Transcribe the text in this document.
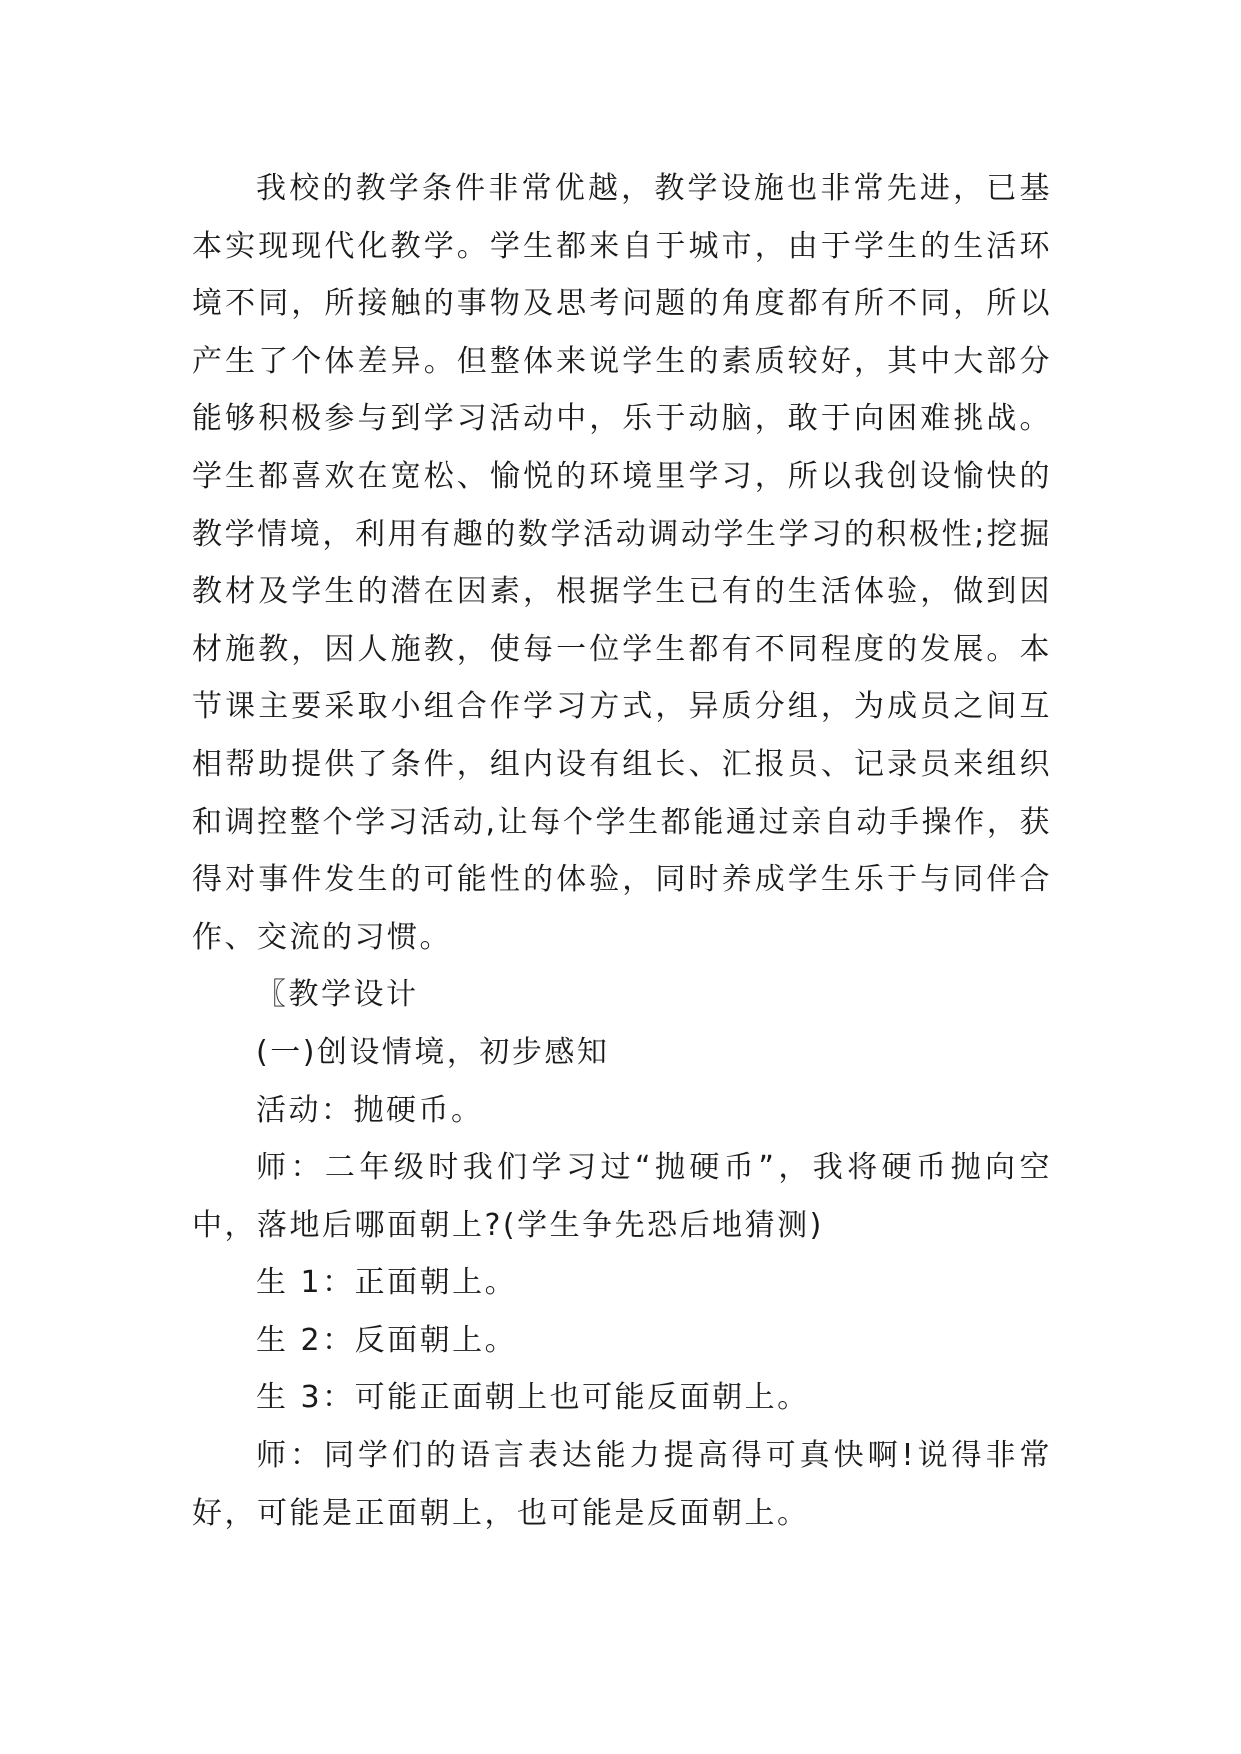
我校的教学条件非常优越，教学设施也非常先进，已基本实现现代化教学。学生都来自于城市，由于学生的生活环境不同，所接触的事物及思考问题的角度都有所不同，所以产生了个体差异。但整体来说学生的素质较好，其中大部分能够积极参与到学习活动中，乐于动脑，敢于向困难挑战。学生都喜欢在宽松、愉悦的环境里学习，所以我创设愉快的教学情境，利用有趣的数学活动调动学生学习的积极性;挖掘教材及学生的潜在因素，根据学生已有的生活体验，做到因材施教，因人施教，使每一位学生都有不同程度的发展。本节课主要采取小组合作学习方式，异质分组，为成员之间互相帮助提供了条件，组内设有组长、汇报员、记录员来组织和调控整个学习活动,让每个学生都能通过亲自动手操作，获得对事件发生的可能性的体验，同时养成学生乐于与同伴合作、交流的习惯。

〖教学设计

(一)创设情境，初步感知

活动：抛硬币。

师：二年级时我们学习过“抛硬币”，我将硬币抛向空中，落地后哪面朝上?(学生争先恐后地猜测)

生 1：正面朝上。

生 2：反面朝上。

生 3：可能正面朝上也可能反面朝上。

师：同学们的语言表达能力提高得可真快啊!说得非常好，可能是正面朝上，也可能是反面朝上。
